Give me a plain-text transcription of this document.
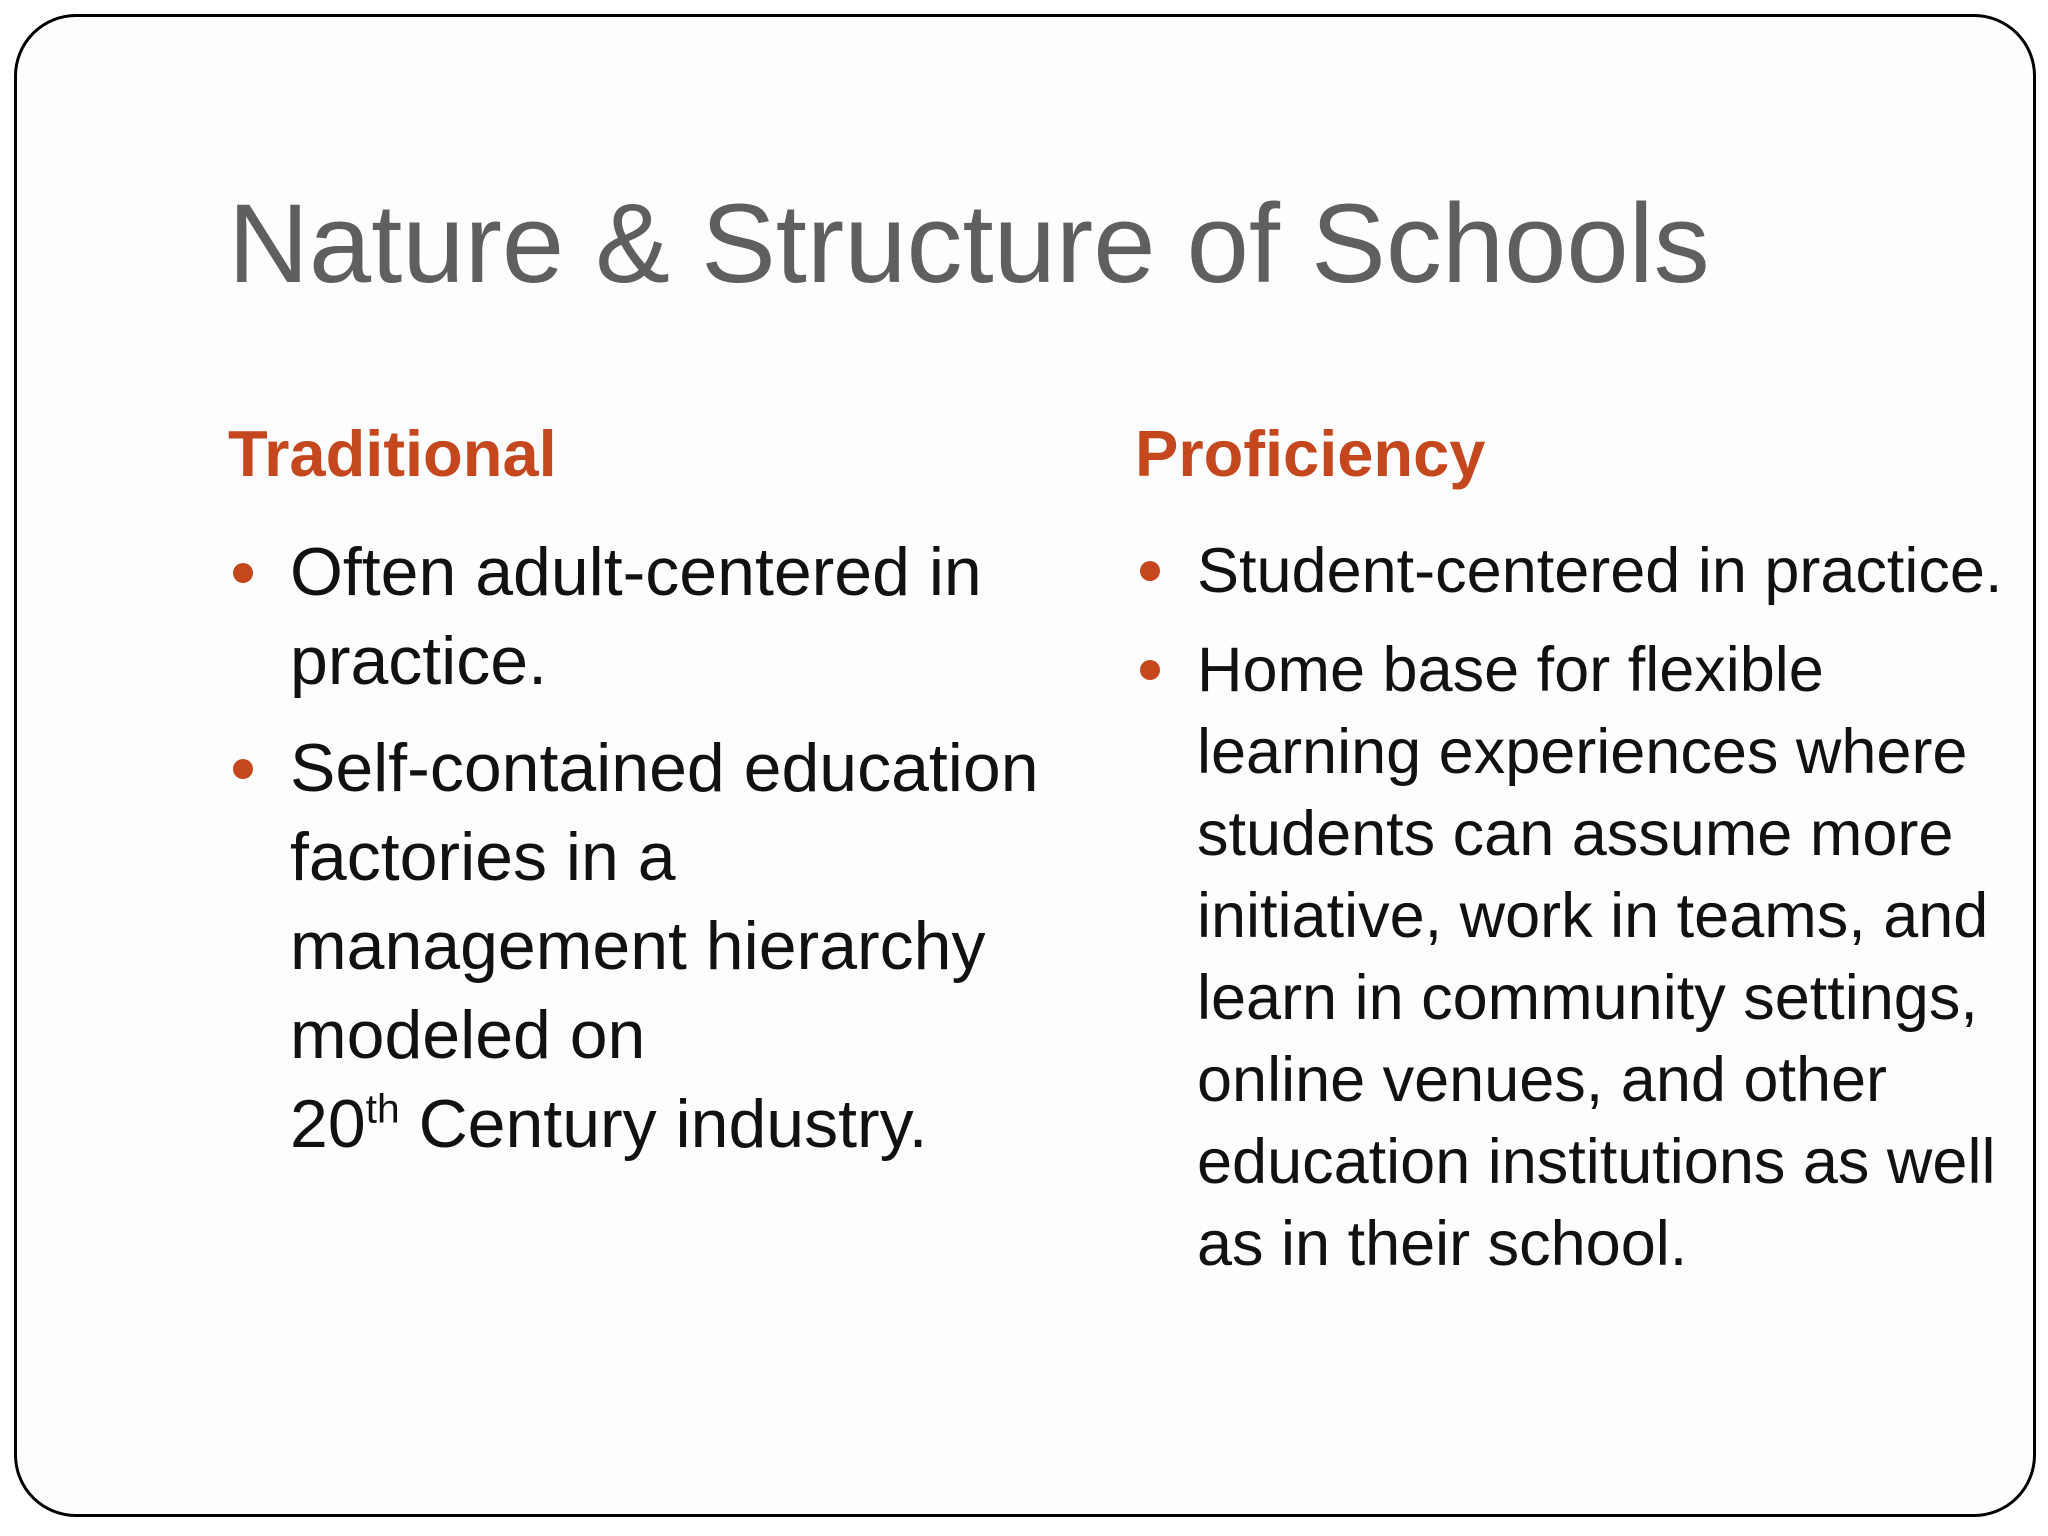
Nature & Structure of Schools
Traditional
Often adult-centered in practice.
Self-contained education factories in a management hierarchy modeled on
20th Century industry.
Proficiency
Student-centered in practice.
Home base for flexible learning experiences where students can assume more initiative, work in teams, and learn in community settings, online venues, and other education institutions as well as in their school.
